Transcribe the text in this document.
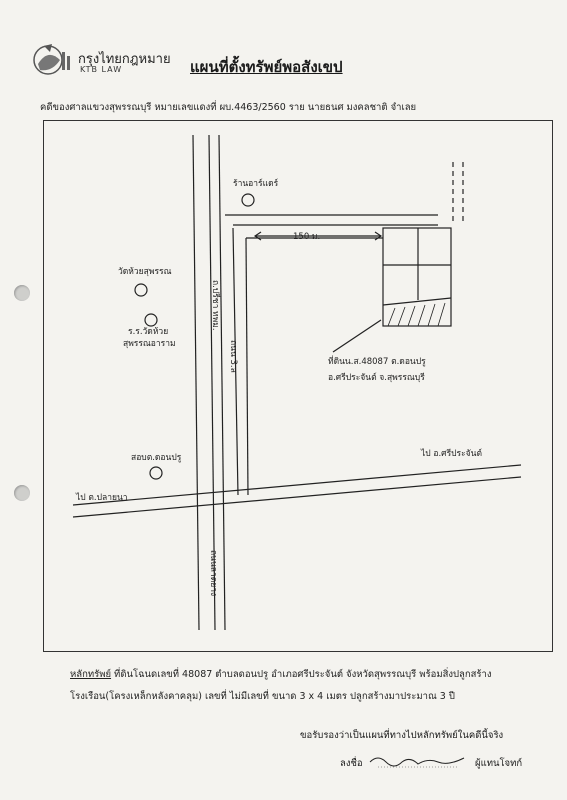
กรุงไทยกฎหมาย
KTB LAW	แผนที่ตั้งทรัพย์พอสังเขป
คดีของศาลแขวงสุพรรณบุรี หมายเลขแดงที่ ผบ.4463/2560 ราย นายธนศ มงคลชาติ จำเลย
ร้านอาร์แดร์
วัดห้วยสุพรรณ
ร.ร.วัดห้วย
สุพรรณอาราม
สอบต.ดอนปรู
ถ.ปรีชา ทพม.
ถนน 3.ล
150 ม.
ที่ดินน.ส.48087 ต.ดอนปรู
อ.ศรีประจันต์ จ.สุพรรณบุรี
ไป ต.ปลายนา
ไป อ.ศรีประจันต์
ถนนลาดยาง
หลักทรัพย์ ที่ดินโฉนดเลขที่ 48087 ตำบลดอนปรู อำเภอศรีประจันต์ จังหวัดสุพรรณบุรี พร้อมสิ่งปลูกสร้าง
โรงเรือน(โครงเหล็กหลังคาคลุม) เลขที่ ไม่มีเลขที่ ขนาด 3 x 4 เมตร ปลูกสร้างมาประมาณ 3 ปี
ขอรับรองว่าเป็นแผนที่ทางไปหลักทรัพย์ในคดีนี้จริง
ลงชื่อ	ผู้แทนโจทก์
